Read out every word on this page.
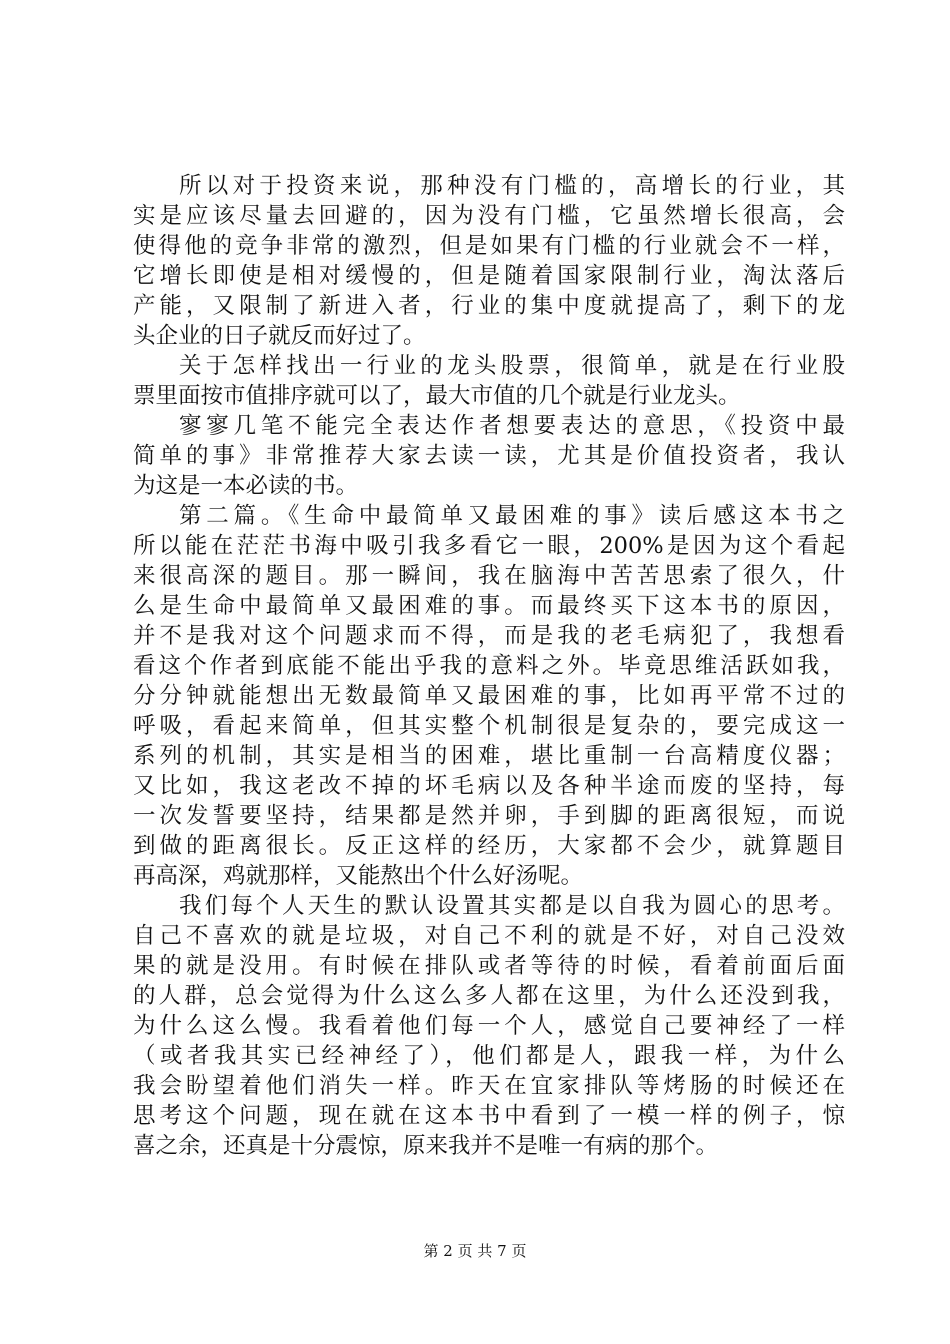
所以对于投资来说，那种没有门槛的，高增长的行业，其
实是应该尽量去回避的，因为没有门槛，它虽然增长很高，会
使得他的竞争非常的激烈，但是如果有门槛的行业就会不一样，
它增长即使是相对缓慢的，但是随着国家限制行业，淘汰落后
产能，又限制了新进入者，行业的集中度就提高了，剩下的龙
头企业的日子就反而好过了。
关于怎样找出一行业的龙头股票，很简单，就是在行业股
票里面按市值排序就可以了，最大市值的几个就是行业龙头。
寥寥几笔不能完全表达作者想要表达的意思，《投资中最
简单的事》非常推荐大家去读一读，尤其是价值投资者，我认
为这是一本必读的书。
第二篇。《生命中最简单又最困难的事》读后感这本书之
所以能在茫茫书海中吸引我多看它一眼，200%是因为这个看起
来很高深的题目。那一瞬间，我在脑海中苦苦思索了很久，什
么是生命中最简单又最困难的事。而最终买下这本书的原因，
并不是我对这个问题求而不得，而是我的老毛病犯了，我想看
看这个作者到底能不能出乎我的意料之外。毕竟思维活跃如我，
分分钟就能想出无数最简单又最困难的事，比如再平常不过的
呼吸，看起来简单，但其实整个机制很是复杂的，要完成这一
系列的机制，其实是相当的困难，堪比重制一台高精度仪器；
又比如，我这老改不掉的坏毛病以及各种半途而废的坚持，每
一次发誓要坚持，结果都是然并卵，手到脚的距离很短，而说
到做的距离很长。反正这样的经历，大家都不会少，就算题目
再高深，鸡就那样，又能熬出个什么好汤呢。
我们每个人天生的默认设置其实都是以自我为圆心的思考。
自己不喜欢的就是垃圾，对自己不利的就是不好，对自己没效
果的就是没用。有时候在排队或者等待的时候，看着前面后面
的人群，总会觉得为什么这么多人都在这里，为什么还没到我，
为什么这么慢。我看着他们每一个人，感觉自己要神经了一样
（或者我其实已经神经了），他们都是人，跟我一样，为什么
我会盼望着他们消失一样。昨天在宜家排队等烤肠的时候还在
思考这个问题，现在就在这本书中看到了一模一样的例子，惊
喜之余，还真是十分震惊，原来我并不是唯一有病的那个。
第 2 页 共 7 页
